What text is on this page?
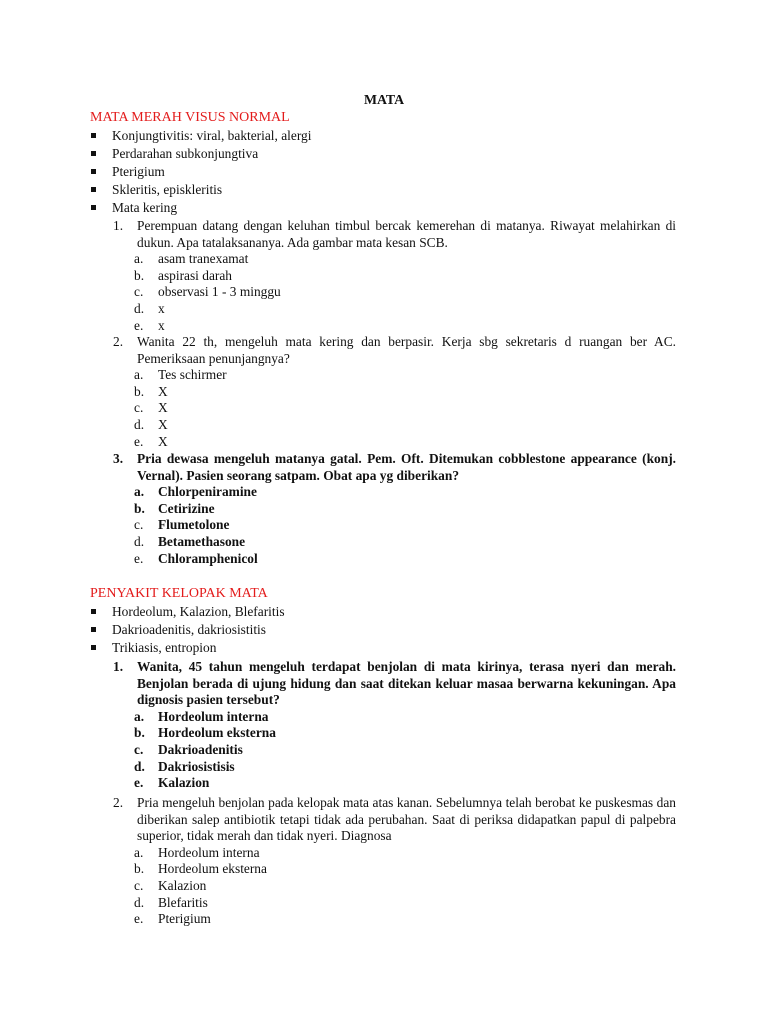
MATA
MATA MERAH VISUS NORMAL
Konjungtivitis: viral, bakterial, alergi
Perdarahan subkonjungtiva
Pterigium
Skleritis, episkleritis
Mata kering
1. Perempuan datang dengan keluhan timbul bercak kemerehan di matanya. Riwayat melahirkan di dukun. Apa tatalaksananya. Ada gambar mata kesan SCB.
a. asam tranexamat
b. aspirasi darah
c. observasi 1 - 3 minggu
d. x
e. x
2. Wanita 22 th, mengeluh mata kering dan berpasir. Kerja sbg sekretaris d ruangan ber AC. Pemeriksaan penunjangnya?
a. Tes schirmer
b. X
c. X
d. X
e. X
3. Pria dewasa mengeluh matanya gatal. Pem. Oft. Ditemukan cobblestone appearance (konj. Vernal). Pasien seorang satpam. Obat apa yg diberikan?
a. Chlorpeniramine
b. Cetirizine
c. Flumetolone
d. Betamethasone
e. Chloramphenicol
PENYAKIT KELOPAK MATA
Hordeolum, Kalazion, Blefaritis
Dakrioadenitis, dakriosistitis
Trikiasis, entropion
1. Wanita, 45 tahun mengeluh terdapat benjolan di mata kirinya, terasa nyeri dan merah. Benjolan berada di ujung hidung dan saat ditekan keluar masaa berwarna kekuningan. Apa dignosis pasien tersebut?
a. Hordeolum interna
b. Hordeolum eksterna
c. Dakrioadenitis
d. Dakriosistisis
e. Kalazion
2. Pria mengeluh benjolan pada kelopak mata atas kanan. Sebelumnya telah berobat ke puskesmas dan diberikan salep antibiotik tetapi tidak ada perubahan. Saat di periksa didapatkan papul di palpebra superior, tidak merah dan tidak nyeri. Diagnosa
a. Hordeolum interna
b. Hordeolum eksterna
c. Kalazion
d. Blefaritis
e. Pterigium
